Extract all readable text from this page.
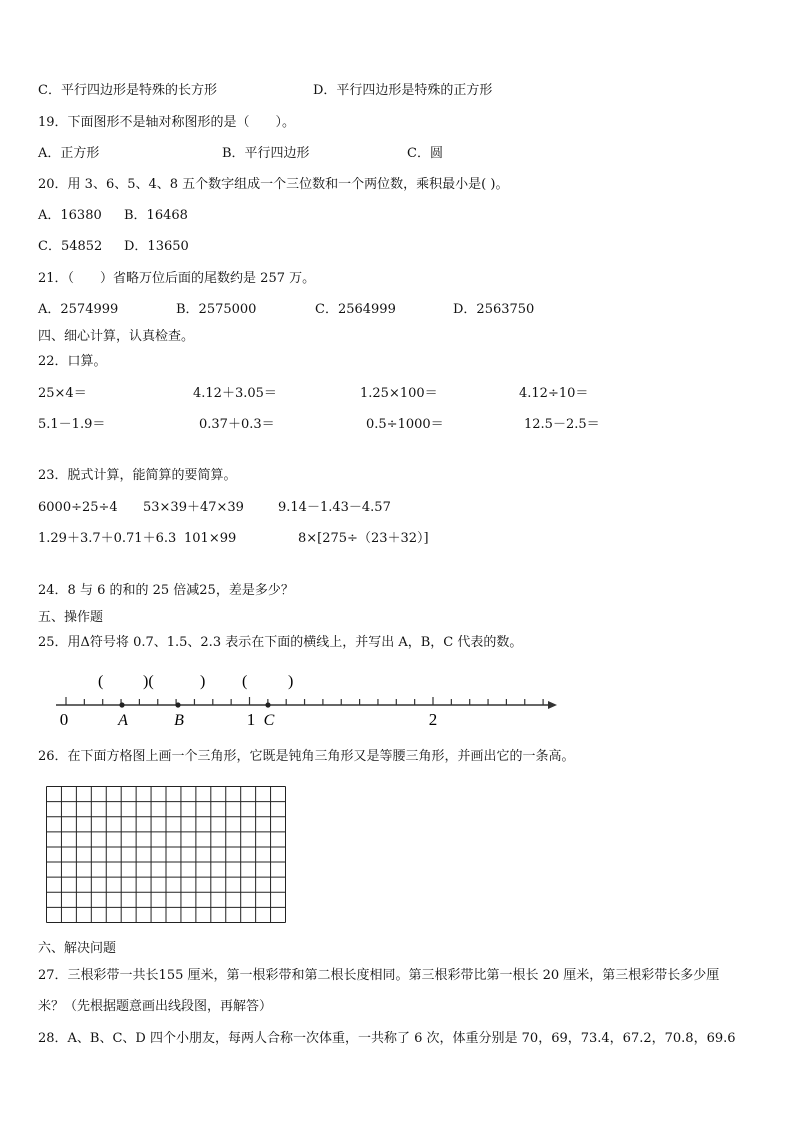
C．平行四边形是特殊的长方形	D．平行四边形是特殊的正方形
19．下面图形不是轴对称图形的是（　　）。
A．正方形	B．平行四边形	C．圆
20．用 3、6、5、4、8 五个数字组成一个三位数和一个两位数，乘积最小是( )。
A．16380 B．16468
C．54852 D．13650
21．（　　）省略万位后面的尾数约是 257 万。
A．2574999	B．2575000	C．2564999	D．2563750
四、细心计算，认真检查。
22．口算。
25×4＝	4.12＋3.05＝	1.25×100＝	4.12÷10＝
5.1－1.9＝	0.37＋0.3＝	0.5÷1000＝	12.5－2.5＝
23．脱式计算，能简算的要简算。
6000÷25÷4 53×39＋47×39	9.14－1.43－4.57
1.29＋3.7＋0.71＋6.3 101×99	8×[275÷（23＋32）]
24．8 与 6 的和的 25 倍减25，差是多少？
五、操作题
25．用Δ符号将 0.7、1.5、2.3 表示在下面的横线上，并写出 A，B，C 代表的数。
( )(	) (	)
0	A	B	1 C	2
26．在下面方格图上画一个三角形，它既是钝角三角形又是等腰三角形，并画出它的一条高。
六、解决问题
27．三根彩带一共长155 厘米，第一根彩带和第二根长度相同。第三根彩带比第一根长 20 厘米，第三根彩带长多少厘
米？（先根据题意画出线段图，再解答）
28．A、B、C、D 四个小朋友，每两人合称一次体重，一共称了 6 次，体重分别是 70，69，73.4，67.2，70.8，69.6
